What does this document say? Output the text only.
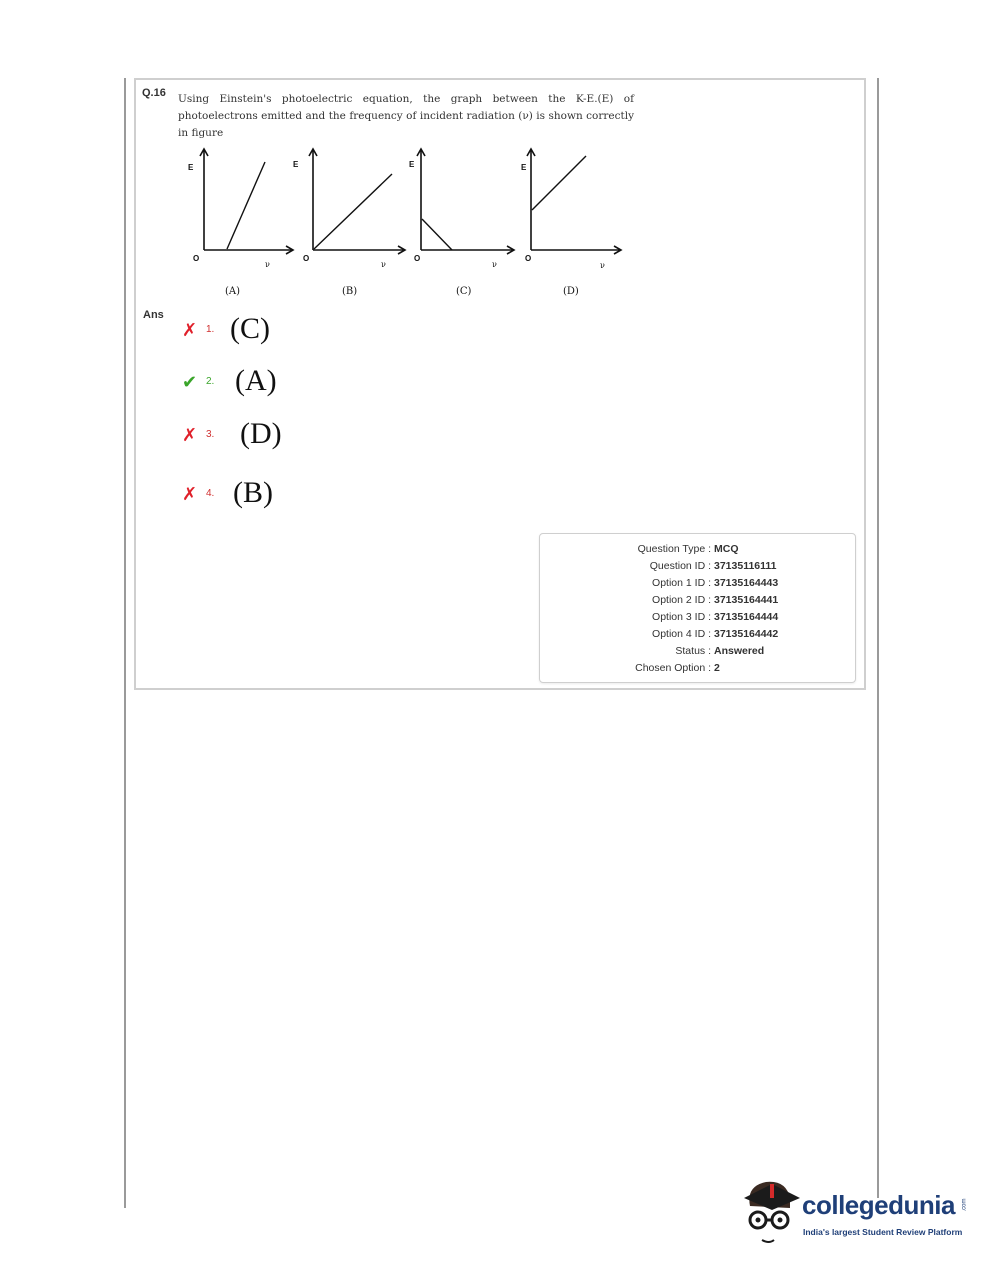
Q.16 Using Einstein's photoelectric equation, the graph between the K-E.(E) of photoelectrons emitted and the frequency of incident radiation (ν) is shown correctly in figure
E
O
ν
(A)
E
O
ν
(B)
E
O
ν
(C)
E
O
ν
(D)
Ans
✗ 1. (C)
✔ 2. (A)
✗ 3. (D)
✗ 4. (B)
Question Type : MCQ
Question ID : 37135116111
Option 1 ID : 37135164443
Option 2 ID : 37135164441
Option 3 ID : 37135164444
Option 4 ID : 37135164442
Status : Answered
Chosen Option : 2
collegedunia .com
India's largest Student Review Platform
